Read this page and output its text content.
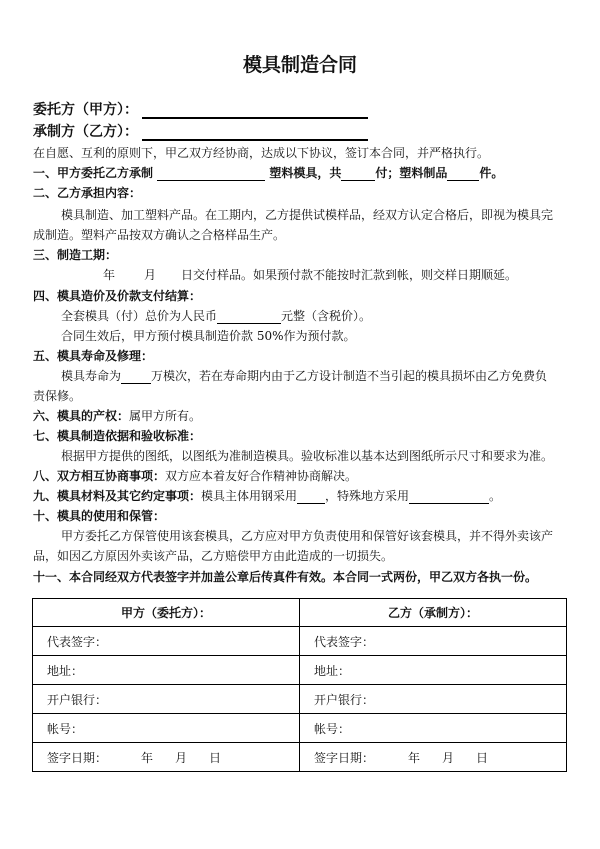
模具制造合同
委托方（甲方）：
承制方（乙方）：
在自愿、互利的原则下，甲乙双方经协商，达成以下协议，签订本合同，并严格执行。
一、甲方委托乙方承制	塑料模具，共	付；塑料制品	件。
二、乙方承担内容：
模具制造、加工塑料产品。在工期内，乙方提供试模样品，经双方认定合格后，即视为模具完
成制造。塑料产品按双方确认之合格样品生产。
三、制造工期：
年 月 日交付样品。如果预付款不能按时汇款到帐，则交样日期顺延。
四、模具造价及价款支付结算：
全套模具（付）总价为人民币	元整（含税价）。
合同生效后，甲方预付模具制造价款 50%作为预付款。
五、模具寿命及修理：
模具寿命为	万模次，若在寿命期内由于乙方设计制造不当引起的模具损坏由乙方免费负
责保修。
六、模具的产权：属甲方所有。
七、模具制造依据和验收标准：
根据甲方提供的图纸，以图纸为准制造模具。验收标准以基本达到图纸所示尺寸和要求为准。
八、双方相互协商事项：双方应本着友好合作精神协商解决。
九、模具材料及其它约定事项：模具主体用钢采用 ，特殊地方采用	。
十、模具的使用和保管：
甲方委托乙方保管使用该套模具，乙方应对甲方负责使用和保管好该套模具，并不得外卖该产
品，如因乙方原因外卖该产品，乙方赔偿甲方由此造成的一切损失。
十一、本合同经双方代表签字并加盖公章后传真件有效。本合同一式两份，甲乙双方各执一份。
甲方（委托方）：	乙方（承制方）：
代表签字：	代表签字：
地址：	地址：
开户银行：	开户银行：
帐号：	帐号：
签字日期： 年 月 日	签字日期： 年 月 日
